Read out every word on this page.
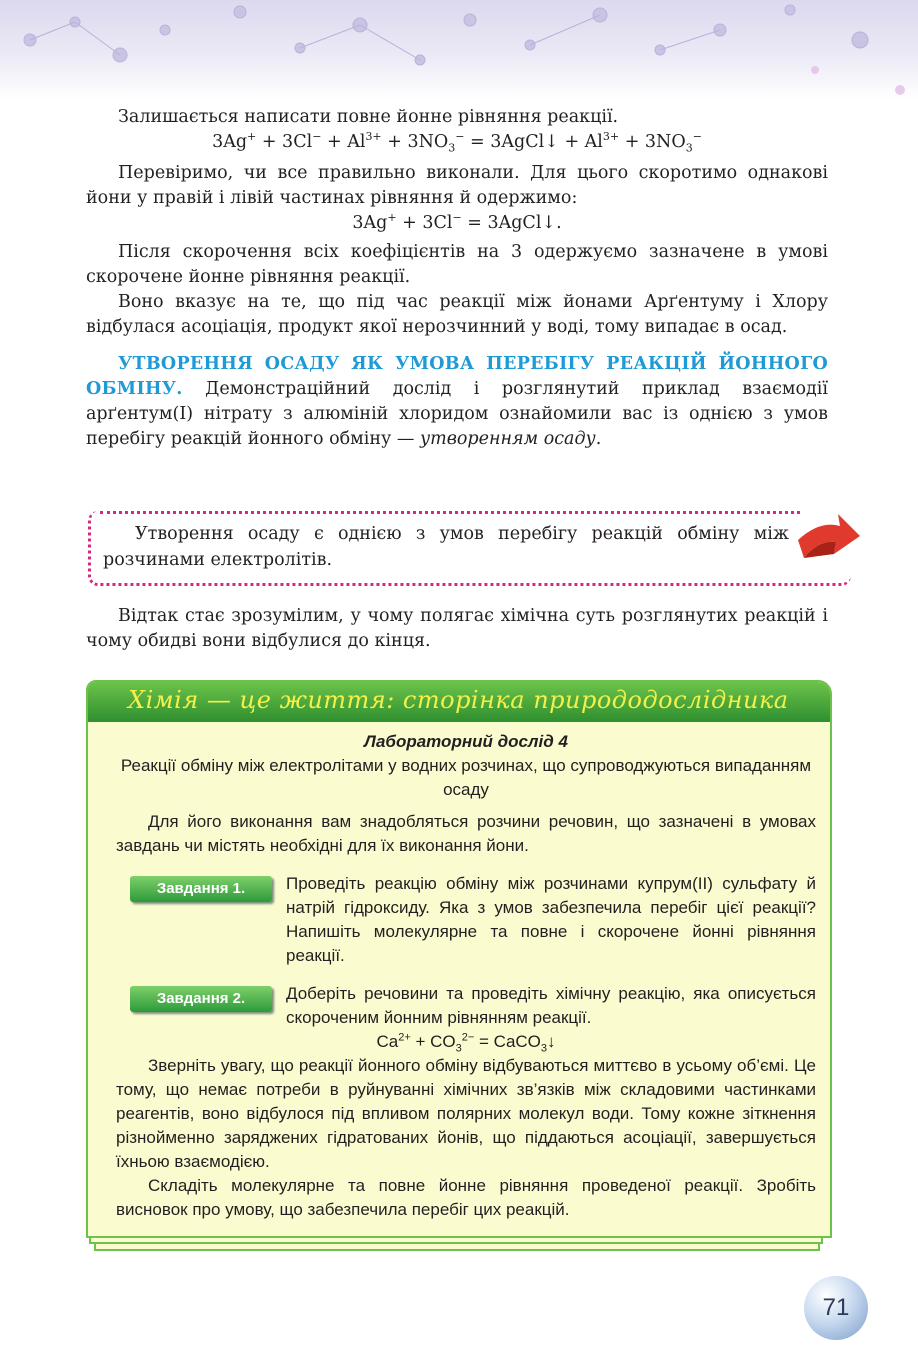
Залишається написати повне йонне рівняння реакції.

$3Ag^+ + 3Cl^- + Al^{3+} + 3NO_3^-$ = 3AgCl↓ + $Al^{3+} + 3NO_3^-$

Перевіримо, чи все правильно виконали. Для цього скоротимо однакові йони у правій і лівій частинах рівняння й одержимо:

3Ag+ + 3Cl− = 3AgCl↓.

Після скорочення всіх коефіцієнтів на 3 одержуємо зазначене в умові скорочене йонне рівняння реакції.

Воно вказує на те, що під час реакції між йонами Арґентуму і Хлору відбулася асоціація, продукт якої нерозчинний у воді, тому випадає в осад.

УТВОРЕННЯ ОСАДУ ЯК УМОВА ПЕРЕБІГУ РЕАКЦІЙ ЙОННОГО ОБМІНУ. Демонстраційний дослід і розглянутий приклад взаємодії арґентум(I) нітрату з алюміній хлоридом ознайомили вас із однією з умов перебігу реакцій йонного обміну — утворенням осаду.

Утворення осаду є однією з умов перебігу реакцій обміну між розчинами електролітів.

Відтак стає зрозумілим, у чому полягає хімічна суть розглянутих реакцій і чому обидві вони відбулися до кінця.

Хімія — це життя: сторінка природодослідника

Лабораторний дослід 4

Реакції обміну між електролітами у водних розчинах, що супроводжуються випаданням осаду

Для його виконання вам знадобляться розчини речовин, що зазначені в умовах завдань чи містять необхідні для їх виконання йони.

Завдання 1.	Проведіть реакцію обміну між розчинами купрум(II) сульфату й натрій гідроксиду. Яка з умов забезпечила перебіг цієї реакції? Напишіть молекулярне та повне і скорочене йонні рівняння реакції.

Завдання 2.	Доберіть речовини та проведіть хімічну реакцію, яка описується скороченим йонним рівнянням реакції.

$Ca^{2+} + CO_3^{2-}$ = CaCO$_3$↓

Зверніть увагу, що реакції йонного обміну відбуваються миттєво в усьому об’ємі. Це тому, що немає потреби в руйнуванні хімічних зв’язків між складовими частинками реагентів, воно відбулося під впливом полярних молекул води. Тому кожне зіткнення різнойменно заряджених гідратованих йонів, що піддаються асоціації, завершується їхньою взаємодією.

Складіть молекулярне та повне йонне рівняння проведеної реакції. Зробіть висновок про умову, що забезпечила перебіг цих реакцій.

71
